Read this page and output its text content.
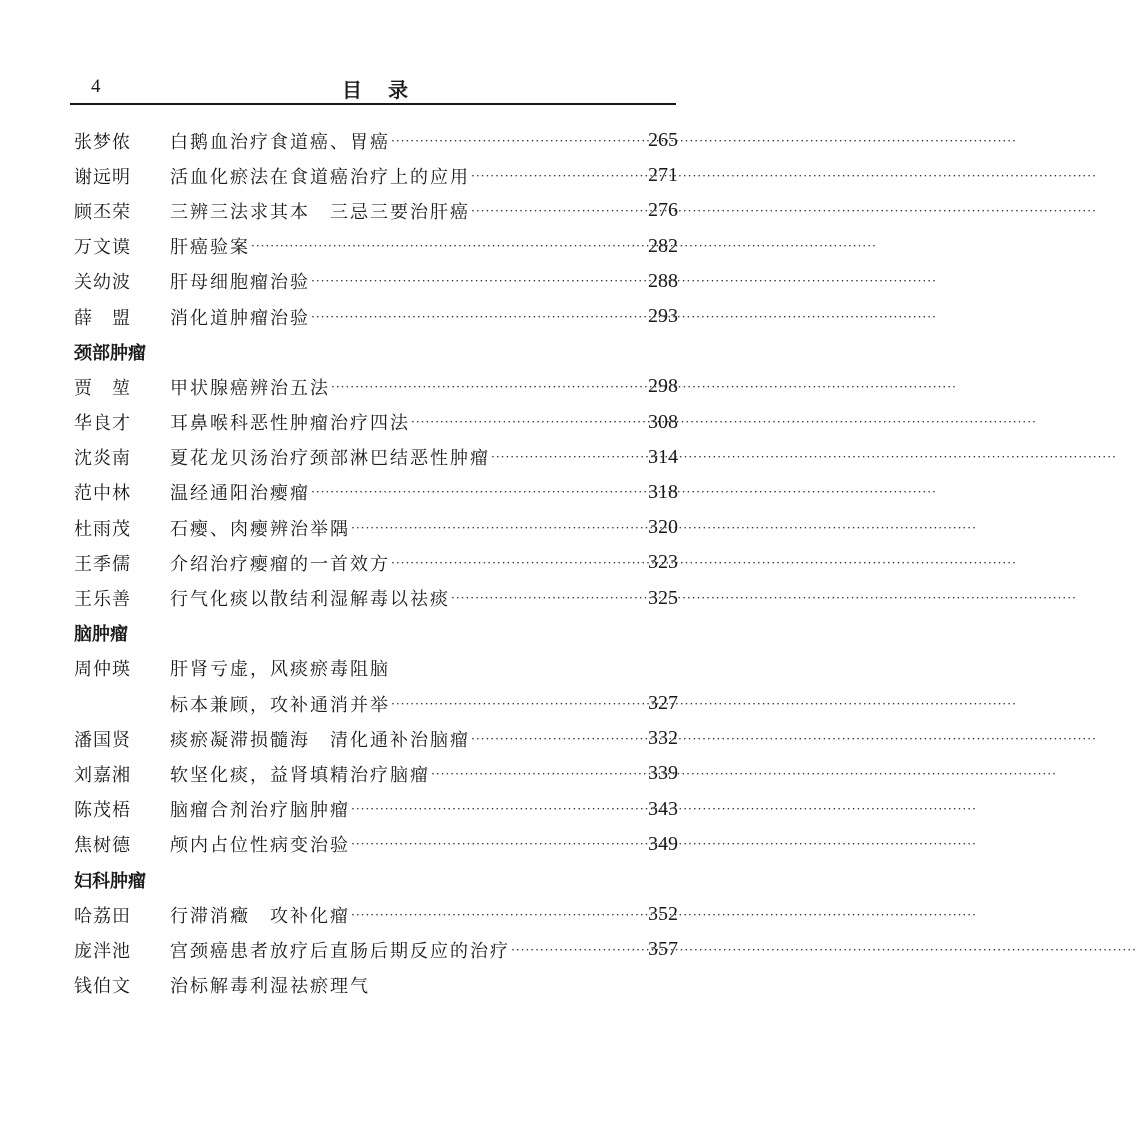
4	目录
张梦侬	白鹅血治疗食道癌、胃癌 ·····	265
谢远明	活血化瘀法在食道癌治疗上的应用 ·····	271
顾丕荣	三辨三法求其本　三忌三要治肝癌 ·····	276
万文谟	肝癌验案 ·····	282
关幼波	肝母细胞瘤治验 ·····	288
薛　盟	消化道肿瘤治验 ·····	293
颈部肿瘤
贾　堃	甲状腺癌辨治五法 ·····	298
华良才	耳鼻喉科恶性肿瘤治疗四法 ·····	308
沈炎南	夏花龙贝汤治疗颈部淋巴结恶性肿瘤 ·····	314
范中林	温经通阳治瘿瘤 ·····	318
杜雨茂	石瘿、肉瘿辨治举隅 ·····	320
王季儒	介绍治疗瘿瘤的一首效方 ·····	323
王乐善	行气化痰以散结利湿解毒以祛痰 ·····	325
脑肿瘤
周仲瑛	肝肾亏虚，风痰瘀毒阻脑
标本兼顾，攻补通消并举 ·····	327
潘国贤	痰瘀凝滞损髓海　清化通补治脑瘤 ·····	332
刘嘉湘	软坚化痰，益肾填精治疗脑瘤 ·····	339
陈茂梧	脑瘤合剂治疗脑肿瘤 ·····	343
焦树德	颅内占位性病变治验 ·····	349
妇科肿瘤
哈荔田	行滞消癥　攻补化瘤 ·····	352
庞泮池	宫颈癌患者放疗后直肠后期反应的治疗 ·····	357
钱伯文	治标解毒利湿祛瘀理气
